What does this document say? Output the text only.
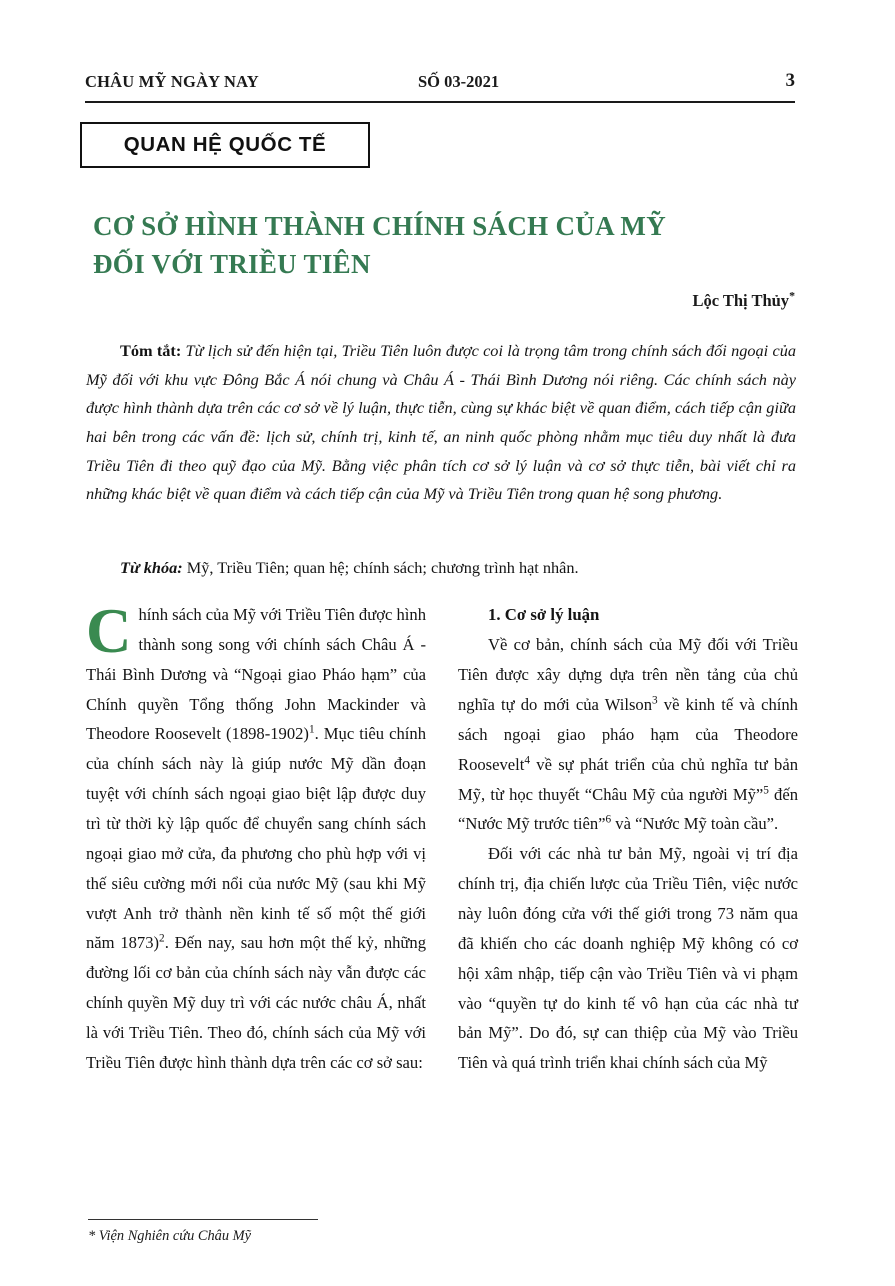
CHÂU MỸ NGÀY NAY	SỐ 03-2021	3
QUAN HỆ QUỐC TẾ
CƠ SỞ HÌNH THÀNH CHÍNH SÁCH CỦA MỸ
ĐỐI VỚI TRIỀU TIÊN
Lộc Thị Thủy*
Tóm tắt: Từ lịch sử đến hiện tại, Triều Tiên luôn được coi là trọng tâm trong chính sách đối ngoại của Mỹ đối với khu vực Đông Bắc Á nói chung và Châu Á - Thái Bình Dương nói riêng. Các chính sách này được hình thành dựa trên các cơ sở về lý luận, thực tiễn, cùng sự khác biệt về quan điểm, cách tiếp cận giữa hai bên trong các vấn đề: lịch sử, chính trị, kinh tế, an ninh quốc phòng nhằm mục tiêu duy nhất là đưa Triều Tiên đi theo quỹ đạo của Mỹ. Bằng việc phân tích cơ sở lý luận và cơ sở thực tiễn, bài viết chỉ ra những khác biệt về quan điểm và cách tiếp cận của Mỹ và Triều Tiên trong quan hệ song phương.
Từ khóa: Mỹ, Triều Tiên; quan hệ; chính sách; chương trình hạt nhân.

Chính sách của Mỹ với Triều Tiên được hình thành song song với chính sách Châu Á - Thái Bình Dương và “Ngoại giao Pháo hạm” của Chính quyền Tổng thống John Mackinder và Theodore Roosevelt (1898-1902)$^1$. Mục tiêu chính của chính sách này là giúp nước Mỹ dần đoạn tuyệt với chính sách ngoại giao biệt lập được duy trì từ thời kỳ lập quốc để chuyển sang chính sách ngoại giao mở cửa, đa phương cho phù hợp với vị thế siêu cường mới nổi của nước Mỹ (sau khi Mỹ vượt Anh trở thành nền kinh tế số một thế giới năm 1873)$^2$. Đến nay, sau hơn một thế kỷ, những đường lối cơ bản của chính sách này vẫn được các chính quyền Mỹ duy trì với các nước châu Á, nhất là với Triều Tiên. Theo đó, chính sách của Mỹ với Triều Tiên được hình thành dựa trên các cơ sở sau:

1. Cơ sở lý luận

Về cơ bản, chính sách của Mỹ đối với Triều Tiên được xây dựng dựa trên nền tảng của chủ nghĩa tự do mới của Wilson$^3$ về kinh tế và chính sách ngoại giao pháo hạm của Theodore Roosevelt$^4$ về sự phát triển của chủ nghĩa tư bản Mỹ, từ học thuyết “Châu Mỹ của người Mỹ”$^5$ đến “Nước Mỹ trước tiên”$^6$ và “Nước Mỹ toàn cầu”.

Đối với các nhà tư bản Mỹ, ngoài vị trí địa chính trị, địa chiến lược của Triều Tiên, việc nước này luôn đóng cửa với thế giới trong 73 năm qua đã khiến cho các doanh nghiệp Mỹ không có cơ hội xâm nhập, tiếp cận vào Triều Tiên và vi phạm vào “quyền tự do kinh tế vô hạn của các nhà tư bản Mỹ”. Do đó, sự can thiệp của Mỹ vào Triều Tiên và quá trình triển khai chính sách của Mỹ

* Viện Nghiên cứu Châu Mỹ
